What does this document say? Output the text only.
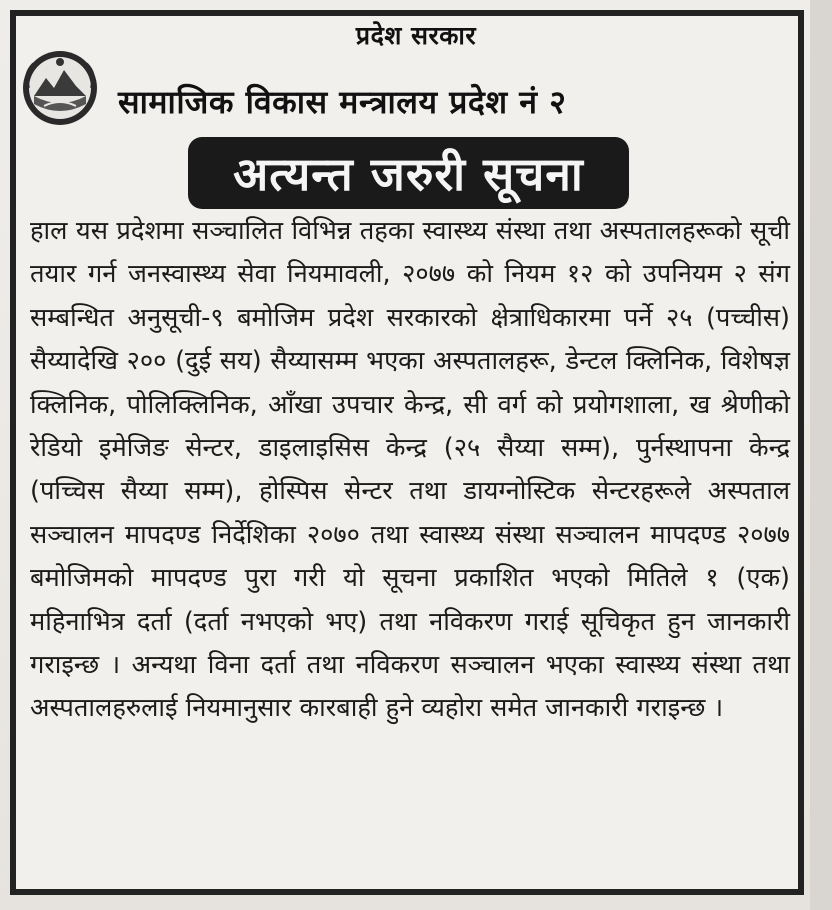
प्रदेश सरकार
सामाजिक विकास मन्त्रालय प्रदेश नं २
अत्यन्त जरुरी सूचना

हाल यस प्रदेशमा सञ्चालित विभिन्न तहका स्वास्थ्य संस्था तथा अस्पतालहरूको सूची तयार गर्न जनस्वास्थ्य सेवा नियमावली, २०७७ को नियम १२ को उपनियम २ संग सम्बन्धित अनुसूची-९ बमोजिम प्रदेश सरकारको क्षेत्राधिकारमा पर्ने २५ (पच्चीस) सैय्यादेखि २०० (दुई सय) सैय्यासम्म भएका अस्पतालहरू, डेन्टल क्लिनिक, विशेषज्ञ क्लिनिक, पोलिक्लिनिक, आँखा उपचार केन्द्र, सी वर्ग को प्रयोगशाला, ख श्रेणीको रेडियो इमेजिङ सेन्टर, डाइलाइसिस केन्द्र (२५ सैय्या सम्म), पुर्नस्थापना केन्द्र (पच्चिस सैय्या सम्म), होस्पिस सेन्टर तथा डायग्नोस्टिक सेन्टरहरूले अस्पताल सञ्चालन मापदण्ड निर्देशिका २०७० तथा स्वास्थ्य संस्था सञ्चालन मापदण्ड २०७७ बमोजिमको मापदण्ड पुरा गरी यो सूचना प्रकाशित भएको मितिले १ (एक) महिनाभित्र दर्ता (दर्ता नभएको भए) तथा नविकरण गराई सूचिकृत हुन जानकारी गराइन्छ । अन्यथा विना दर्ता तथा नविकरण सञ्चालन भएका स्वास्थ्य संस्था तथा अस्पतालहरुलाई नियमानुसार कारबाही हुने व्यहोरा समेत जानकारी गराइन्छ ।
